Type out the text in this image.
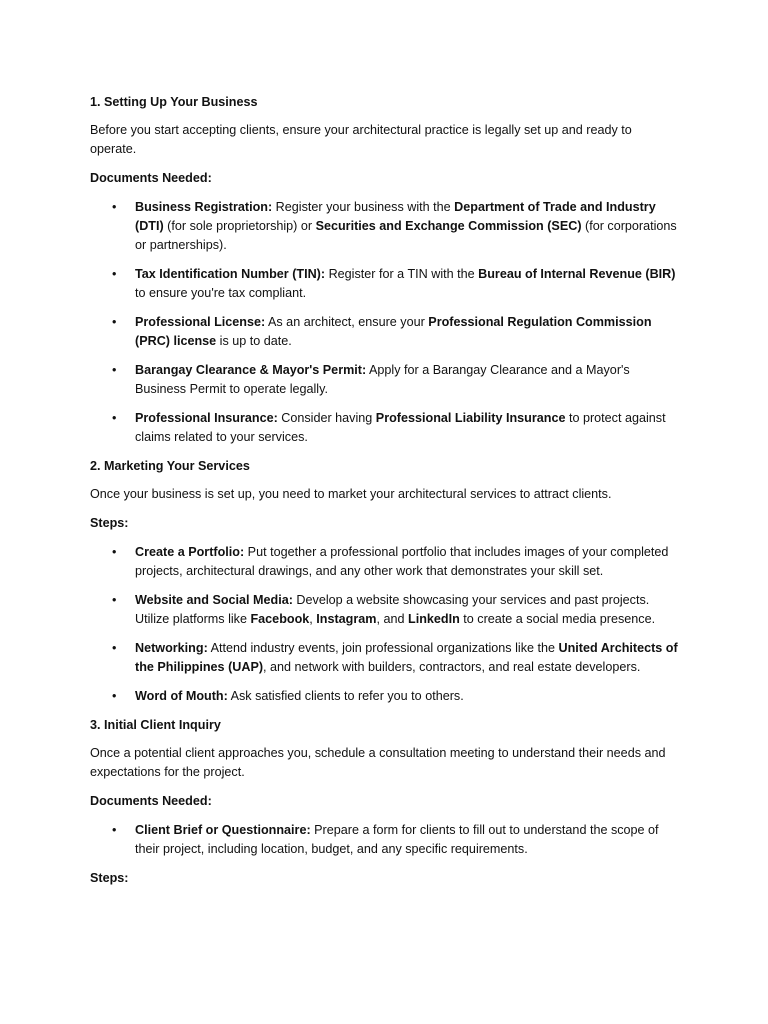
1. Setting Up Your Business
Before you start accepting clients, ensure your architectural practice is legally set up and ready to operate.
Documents Needed:
• Business Registration: Register your business with the Department of Trade and Industry (DTI) (for sole proprietorship) or Securities and Exchange Commission (SEC) (for corporations or partnerships).
• Tax Identification Number (TIN): Register for a TIN with the Bureau of Internal Revenue (BIR) to ensure you're tax compliant.
• Professional License: As an architect, ensure your Professional Regulation Commission (PRC) license is up to date.
• Barangay Clearance & Mayor's Permit: Apply for a Barangay Clearance and a Mayor's Business Permit to operate legally.
• Professional Insurance: Consider having Professional Liability Insurance to protect against claims related to your services.
2. Marketing Your Services
Once your business is set up, you need to market your architectural services to attract clients.
Steps:
• Create a Portfolio: Put together a professional portfolio that includes images of your completed projects, architectural drawings, and any other work that demonstrates your skill set.
• Website and Social Media: Develop a website showcasing your services and past projects. Utilize platforms like Facebook, Instagram, and LinkedIn to create a social media presence.
• Networking: Attend industry events, join professional organizations like the United Architects of the Philippines (UAP), and network with builders, contractors, and real estate developers.
• Word of Mouth: Ask satisfied clients to refer you to others.
3. Initial Client Inquiry
Once a potential client approaches you, schedule a consultation meeting to understand their needs and expectations for the project.
Documents Needed:
• Client Brief or Questionnaire: Prepare a form for clients to fill out to understand the scope of their project, including location, budget, and any specific requirements.
Steps:
